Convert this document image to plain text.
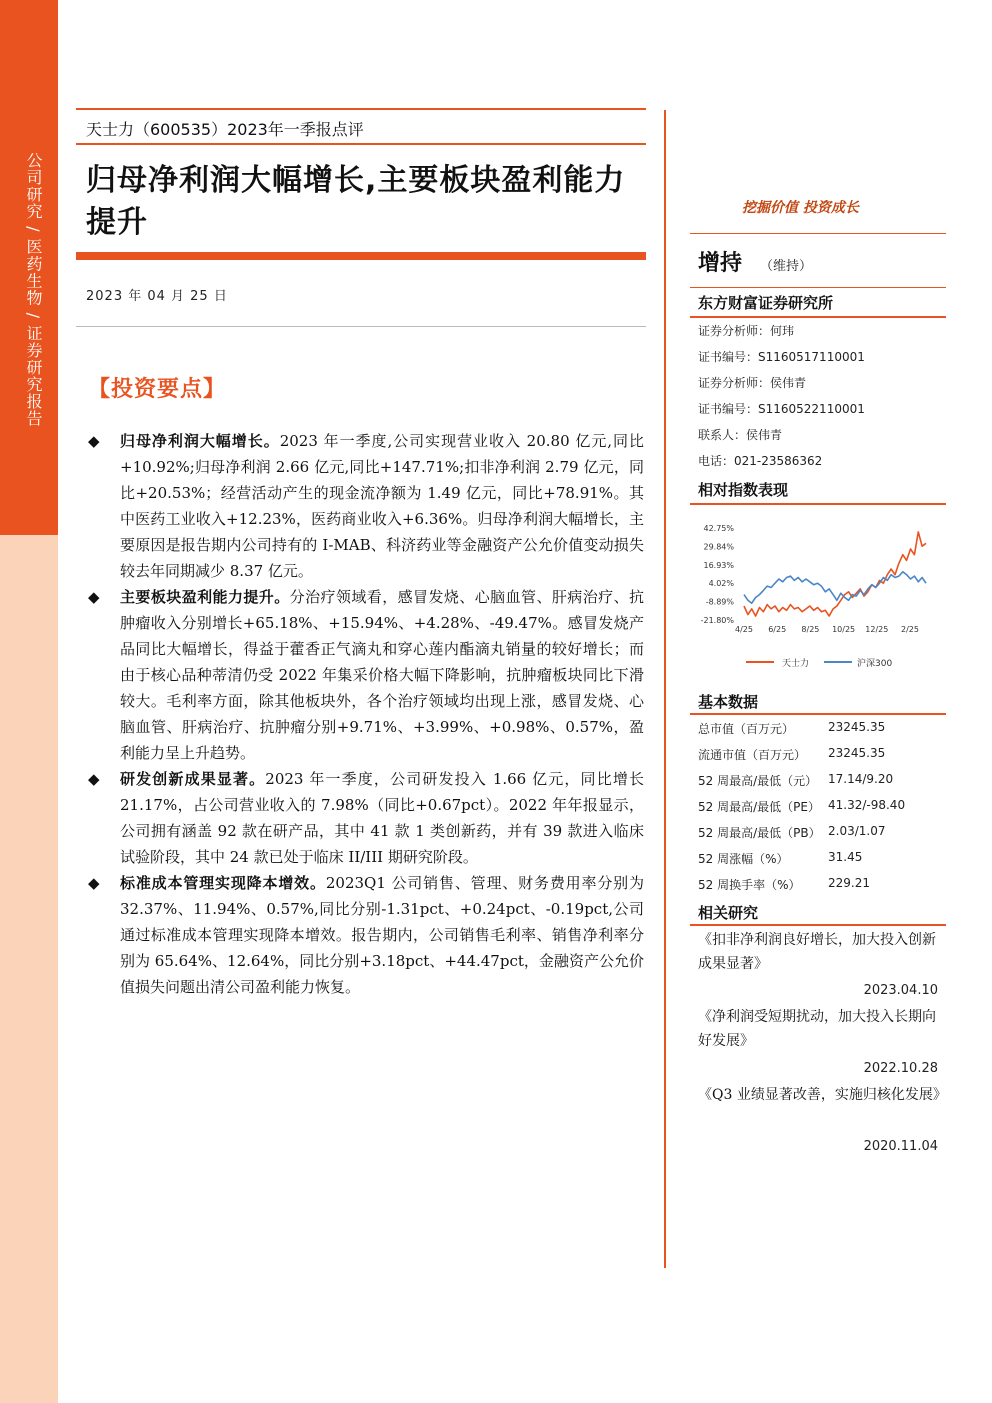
公司研究 / 医药生物 / 证券研究报告
天士力（600535）2023年一季报点评
归母净利润大幅增长,主要板块盈利能力提升
2023 年 04 月 25 日
【投资要点】
◆ 归母净利润大幅增长。2023 年一季度,公司实现营业收入 20.80 亿元,同比+10.92%;归母净利润 2.66 亿元,同比+147.71%;扣非净利润 2.79 亿元，同比+20.53%；经营活动产生的现金流净额为 1.49 亿元，同比+78.91%。其中医药工业收入+12.23%，医药商业收入+6.36%。归母净利润大幅增长，主要原因是报告期内公司持有的 I-MAB、科济药业等金融资产公允价值变动损失较去年同期减少 8.37 亿元。
◆ 主要板块盈利能力提升。分治疗领域看，感冒发烧、心脑血管、肝病治疗、抗肿瘤收入分别增长+65.18%、+15.94%、+4.28%、-49.47%。感冒发烧产品同比大幅增长，得益于藿香正气滴丸和穿心莲内酯滴丸销量的较好增长；而由于核心品种蒂清仍受 2022 年集采价格大幅下降影响，抗肿瘤板块同比下滑较大。毛利率方面，除其他板块外，各个治疗领域均出现上涨，感冒发烧、心脑血管、肝病治疗、抗肿瘤分别+9.71%、+3.99%、+0.98%、0.57%，盈利能力呈上升趋势。
◆ 研发创新成果显著。2023 年一季度，公司研发投入 1.66 亿元，同比增长 21.17%，占公司营业收入的 7.98%（同比+0.67pct）。2022 年年报显示，公司拥有涵盖 92 款在研产品，其中 41 款 1 类创新药，并有 39 款进入临床试验阶段，其中 24 款已处于临床 II/III 期研究阶段。
◆ 标准成本管理实现降本增效。2023Q1 公司销售、管理、财务费用率分别为 32.37%、11.94%、0.57%,同比分别-1.31pct、+0.24pct、-0.19pct,公司通过标准成本管理实现降本增效。报告期内，公司销售毛利率、销售净利率分别为 65.64%、12.64%，同比分别+3.18pct、+44.47pct，金融资产公允价值损失问题出清公司盈利能力恢复。
挖掘价值 投资成长
增持 （维持）
东方财富证券研究所
证券分析师：何玮
证书编号：S1160517110001
证券分析师：侯伟青
证书编号：S1160522110001
联系人：侯伟青
电话：021-23586362
相对指数表现
42.75%
29.84%
16.93%
4.02%
-8.89%
-21.80%
4/25 6/25 8/25 10/25 12/25 2/25
天士力	沪深300
基本数据
总市值（百万元）	23245.35
流通市值（百万元） 23245.35
52 周最高/最低（元） 17.14/9.20
52 周最高/最低（PE） 41.32/-98.40
52 周最高/最低（PB） 2.03/1.07
52 周涨幅（%）	31.45
52 周换手率（%） 229.21
相关研究
《扣非净利润良好增长，加大投入创新成果显著》
2023.04.10
《净利润受短期扰动，加大投入长期向好发展》
2022.10.28
《Q3 业绩显著改善，实施归核化发展》
2020.11.04
